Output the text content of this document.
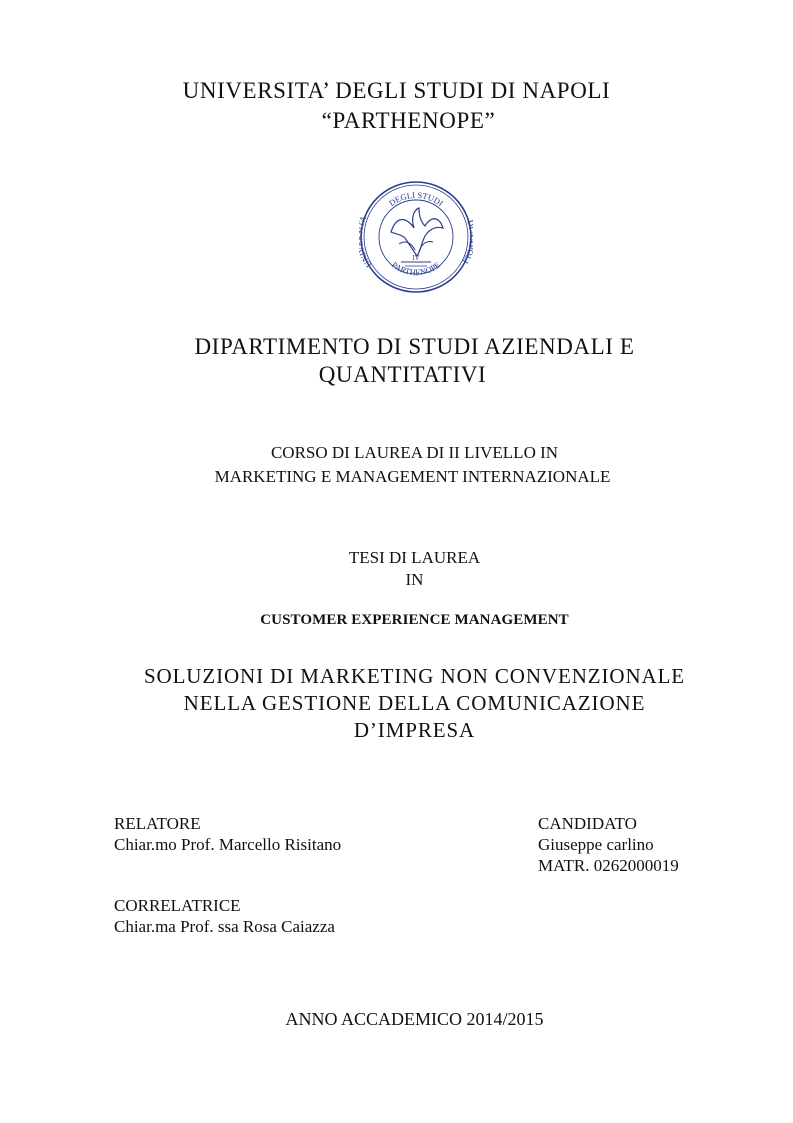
UNIVERSITA’ DEGLI STUDI DI NAPOLI
“PARTHENOPE”
DEGLI STUDI
UN	LI
PARTHENOPE
IV
DIPARTIMENTO DI STUDI AZIENDALI E
QUANTITATIVI
CORSO DI LAUREA DI II LIVELLO IN
MARKETING E MANAGEMENT INTERNAZIONALE
TESI DI LAUREA
IN
CUSTOMER EXPERIENCE MANAGEMENT
SOLUZIONI DI MARKETING NON CONVENZIONALE
NELLA GESTIONE DELLA COMUNICAZIONE
D’IMPRESA
RELATORE
Chiar.mo Prof. Marcello Risitano
CANDIDATO
Giuseppe carlino
MATR. 0262000019
CORRELATRICE
Chiar.ma Prof. ssa Rosa Caiazza
ANNO ACCADEMICO 2014/2015
